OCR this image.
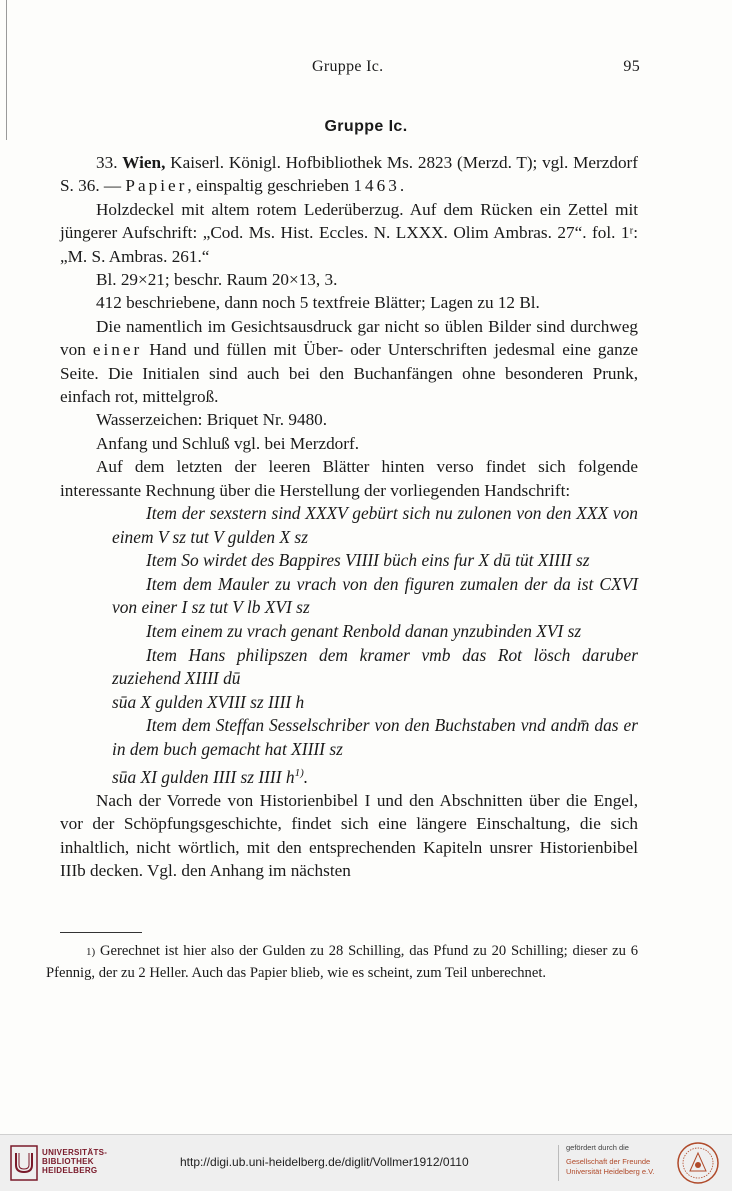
Gruppe Ic.	95
Gruppe Ic.

33. Wien, Kaiserl. Königl. Hofbibliothek Ms. 2823 (Merzd. T); vgl. Merzdorf S. 36. — Papier, einspaltig geschrieben 1463.

Holzdeckel mit altem rotem Lederüberzug. Auf dem Rücken ein Zettel mit jüngerer Aufschrift: „Cod. Ms. Hist. Eccles. N. LXXX. Olim Ambras. 27“. fol. 1ʳ: „M. S. Ambras. 261.“

Bl. 29×21; beschr. Raum 20×13, 3.

412 beschriebene, dann noch 5 textfreie Blätter; Lagen zu 12 Bl.

Die namentlich im Gesichtsausdruck gar nicht so üblen Bilder sind durchweg von einer Hand und füllen mit Über- oder Unterschriften jedesmal eine ganze Seite. Die Initialen sind auch bei den Buchanfängen ohne besonderen Prunk, einfach rot, mittelgroß.

Wasserzeichen: Briquet Nr. 9480.

Anfang und Schluß vgl. bei Merzdorf.

Auf dem letzten der leeren Blätter hinten verso findet sich folgende interessante Rechnung über die Herstellung der vorliegenden Handschrift:

Item der sexstern sind XXXV gebürt sich nu zulonen von den XXX von einem V sz tut V gulden X sz

Item So wirdet des Bappires VIIII büch eins fur X dū tüt XIIII sz

Item dem Mauler zu vrach von den figuren zumalen der da ist CXVI von einer I sz tut V lb XVI sz

Item einem zu vrach genant Renbold danan ynzubinden XVI sz

Item Hans philipszen dem kramer vmb das Rot lösch daruber zuziehend XIIII dū

sūa X gulden XVIII sz IIII h

Item dem Steffan Sesselschriber von den Buchstaben vnd andm̄ das er in dem buch gemacht hat XIIII sz

sūa XI gulden IIII sz IIII h$^{1)}$.

Nach der Vorrede von Historienbibel I und den Abschnitten über die Engel, vor der Schöpfungsgeschichte, findet sich eine längere Einschaltung, die sich inhaltlich, nicht wörtlich, mit den entsprechenden Kapiteln unsrer Historienbibel IIIb decken. Vgl. den Anhang im nächsten

1) Gerechnet ist hier also der Gulden zu 28 Schilling, das Pfund zu 20 Schilling; dieser zu 6 Pfennig, der zu 2 Heller. Auch das Papier blieb, wie es scheint, zum Teil unberechnet.

UNIVERSITÄTS-
BIBLIOTHEK
HEIDELBERG
http://digi.ub.uni-heidelberg.de/diglit/Vollmer1912/0110
gefördert durch die
Gesellschaft der Freunde
Universität Heidelberg e.V.
